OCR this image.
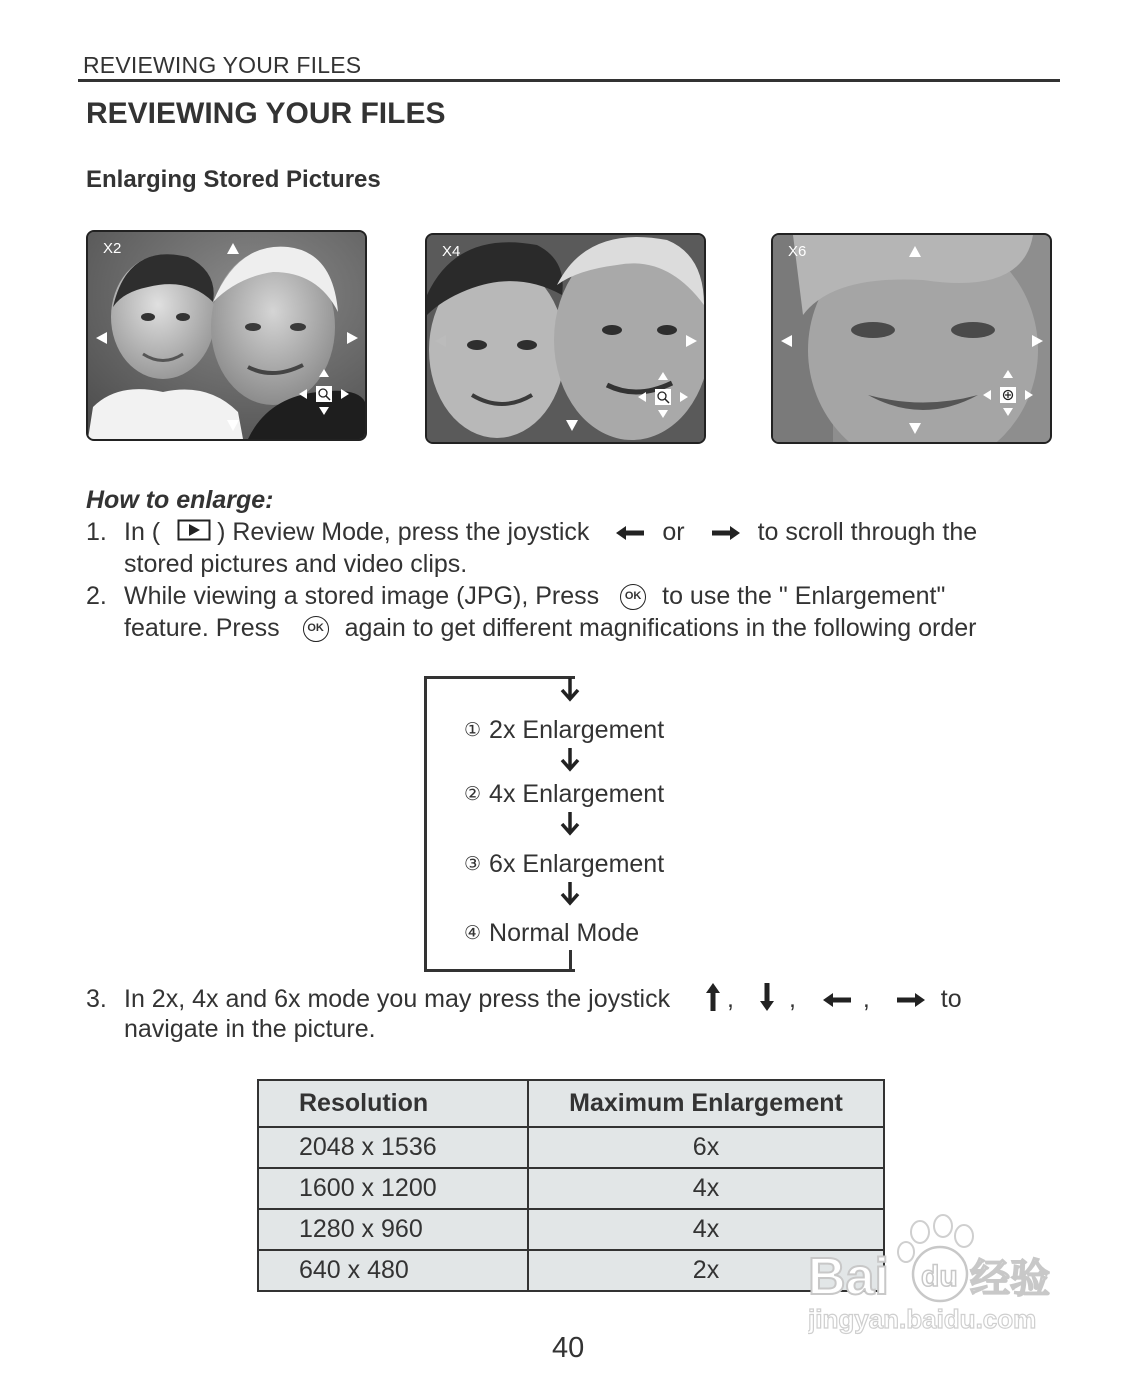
REVIEWING YOUR FILES
REVIEWING YOUR FILES
Enlarging Stored Pictures
X2	X4	X6
How to enlarge:
1. In ( ) Review Mode, press the joystick	or	to scroll through the
stored pictures and video clips.
2. While viewing a stored image (JPG), Press OK to use the " Enlargement"
feature. Press	OK again to get different magnifications in the following order
① 2x Enlargement
② 4x Enlargement
③ 6x Enlargement
④ Normal Mode
3. In 2x, 4x and 6x mode you may press the joystick , ,	,	to
navigate in the picture.
Resolution	Maximum Enlargement
2048 x 1536	6x
1600 x 1200	4x
1280 x 960	4x
640 x 480	2x Bai du 经验
jingyan.baidu.com
40
